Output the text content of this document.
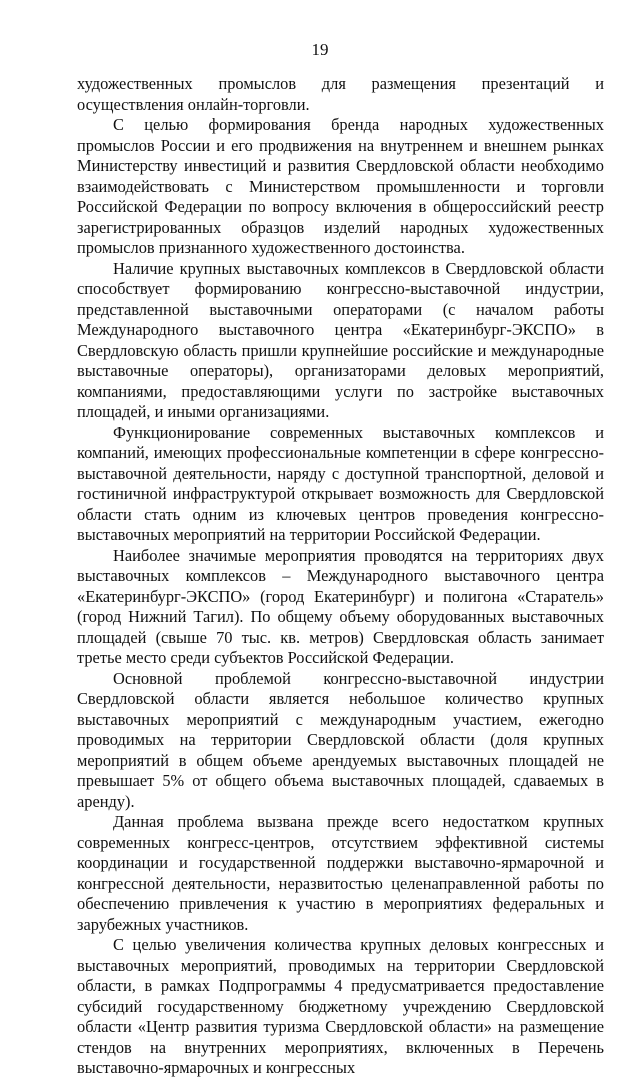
19

художественных промыслов для размещения презентаций и осуществления онлайн-торговли.

С целью формирования бренда народных художественных промыслов России и его продвижения на внутреннем и внешнем рынках Министерству инвестиций и развития Свердловской области необходимо взаимодействовать с Министерством промышленности и торговли Российской Федерации по вопросу включения в общероссийский реестр зарегистрированных образцов изделий народных художественных промыслов признанного художественного достоинства.

Наличие крупных выставочных комплексов в Свердловской области способствует формированию конгрессно-выставочной индустрии, представленной выставочными операторами (с началом работы Международного выставочного центра «Екатеринбург-ЭКСПО» в Свердловскую область пришли крупнейшие российские и международные выставочные операторы), организаторами деловых мероприятий, компаниями, предоставляющими услуги по застройке выставочных площадей, и иными организациями.

Функционирование современных выставочных комплексов и компаний, имеющих профессиональные компетенции в сфере конгрессно-выставочной деятельности, наряду с доступной транспортной, деловой и гостиничной инфраструктурой открывает возможность для Свердловской области стать одним из ключевых центров проведения конгрессно-выставочных мероприятий на территории Российской Федерации.

Наиболее значимые мероприятия проводятся на территориях двух выставочных комплексов – Международного выставочного центра «Екатеринбург-ЭКСПО» (город Екатеринбург) и полигона «Старатель» (город Нижний Тагил). По общему объему оборудованных выставочных площадей (свыше 70 тыс. кв. метров) Свердловская область занимает третье место среди субъектов Российской Федерации.

Основной проблемой конгрессно-выставочной индустрии Свердловской области является небольшое количество крупных выставочных мероприятий с международным участием, ежегодно проводимых на территории Свердловской области (доля крупных мероприятий в общем объеме арендуемых выставочных площадей не превышает 5% от общего объема выставочных площадей, сдаваемых в аренду).

Данная проблема вызвана прежде всего недостатком крупных современных конгресс-центров, отсутствием эффективной системы координации и государственной поддержки выставочно-ярмарочной и конгрессной деятельности, неразвитостью целенаправленной работы по обеспечению привлечения к участию в мероприятиях федеральных и зарубежных участников.

С целью увеличения количества крупных деловых конгрессных и выставочных мероприятий, проводимых на территории Свердловской области, в рамках Подпрограммы 4 предусматривается предоставление субсидий государственному бюджетному учреждению Свердловской области «Центр развития туризма Свердловской области» на размещение стендов на внутренних мероприятиях, включенных в Перечень выставочно-ярмарочных и конгрессных
